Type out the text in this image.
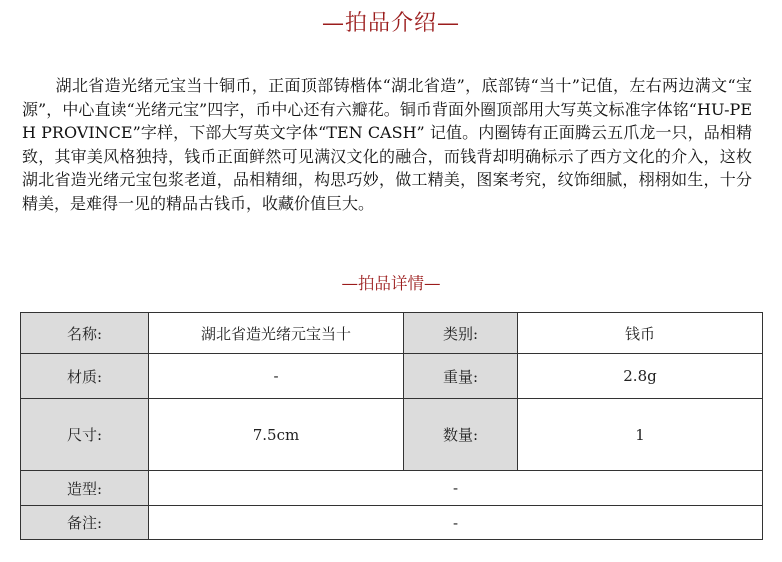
—拍品介绍—
湖北省造光绪元宝当十铜币，正面顶部铸楷体“湖北省造”，底部铸“当十”记值，左右两边满文“宝源”，中心直读“光绪元宝”四字，币中心还有六瓣花。铜币背面外圈顶部用大写英文标准字体铭“HU-PEH PROVINCE”字样，下部大写英文字体“TEN CASH” 记值。内圈铸有正面腾云五爪龙一只，品相精致，其审美风格独持，钱币正面鲜然可见满汉文化的融合，而钱背却明确标示了西方文化的介入，这枚湖北省造光绪元宝包浆老道，品相精细，构思巧妙，做工精美，图案考究，纹饰细腻，栩栩如生，十分精美，是难得一见的精品古钱币，收藏价值巨大。
—拍品详情—
名称:	湖北省造光绪元宝当十	类别:	钱币
材质:	-	重量:	2.8g
尺寸:	7.5cm	数量:	1
造型:	-		
备注:	-		
